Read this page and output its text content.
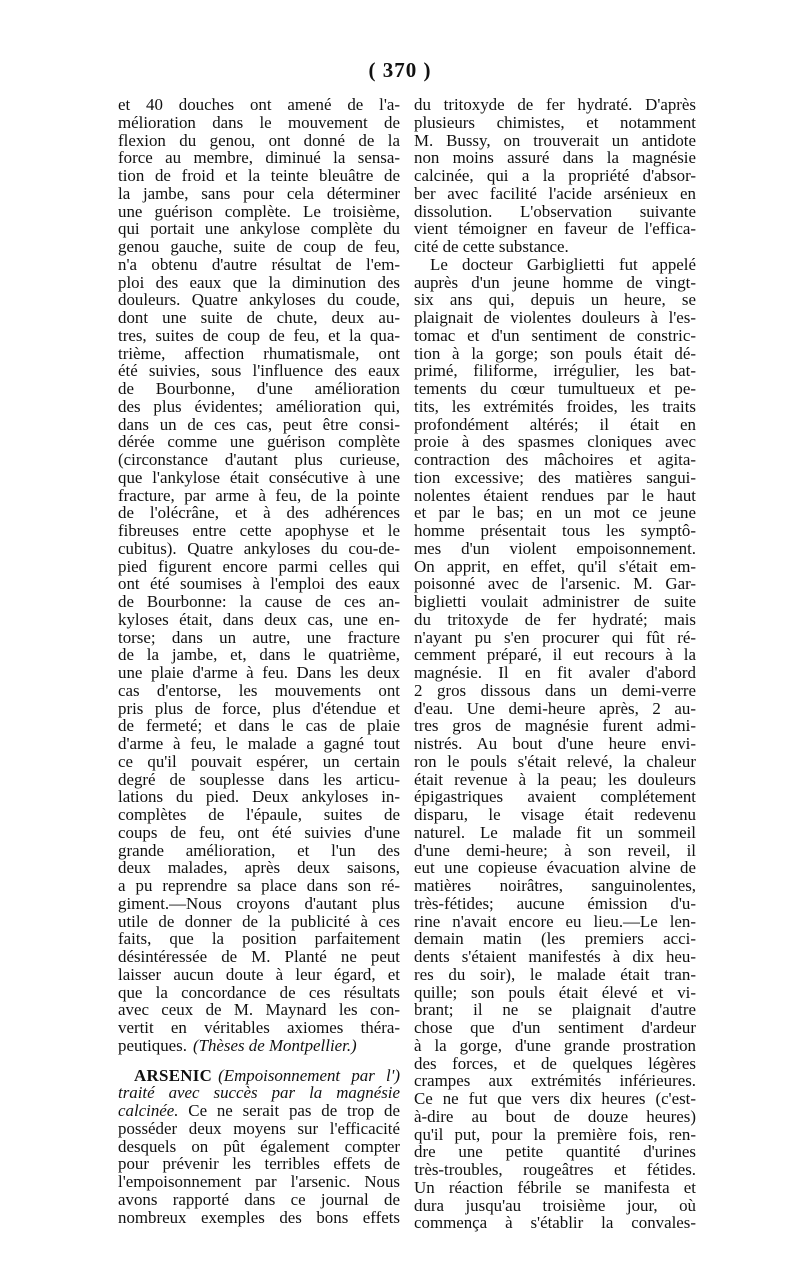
( 370 )
et 40 douches ont amené de l'a-
mélioration dans le mouvement de
flexion du genou, ont donné de la
force au membre, diminué la sensa-
tion de froid et la teinte bleuâtre de
la jambe, sans pour cela déterminer
une guérison complète. Le troisième,
qui portait une ankylose complète du
genou gauche, suite de coup de feu,
n'a obtenu d'autre résultat de l'em-
ploi des eaux que la diminution des
douleurs. Quatre ankyloses du coude,
dont une suite de chute, deux au-
tres, suites de coup de feu, et la qua-
trième, affection rhumatismale, ont
été suivies, sous l'influence des eaux
de Bourbonne, d'une amélioration
des plus évidentes; amélioration qui,
dans un de ces cas, peut être consi-
dérée comme une guérison complète
(circonstance d'autant plus curieuse,
que l'ankylose était consécutive à une
fracture, par arme à feu, de la pointe
de l'olécrâne, et à des adhérences
fibreuses entre cette apophyse et le
cubitus). Quatre ankyloses du cou-de-
pied figurent encore parmi celles qui
ont été soumises à l'emploi des eaux
de Bourbonne: la cause de ces an-
kyloses était, dans deux cas, une en-
torse; dans un autre, une fracture
de la jambe, et, dans le quatrième,
une plaie d'arme à feu. Dans les deux
cas d'entorse, les mouvements ont
pris plus de force, plus d'étendue et
de fermeté; et dans le cas de plaie
d'arme à feu, le malade a gagné tout
ce qu'il pouvait espérer, un certain
degré de souplesse dans les articu-
lations du pied. Deux ankyloses in-
complètes de l'épaule, suites de
coups de feu, ont été suivies d'une
grande amélioration, et l'un des
deux malades, après deux saisons,
a pu reprendre sa place dans son ré-
giment.—Nous croyons d'autant plus
utile de donner de la publicité à ces
faits, que la position parfaitement
désintéressée de M. Planté ne peut
laisser aucun doute à leur égard, et
que la concordance de ces résultats
avec ceux de M. Maynard les con-
vertit en véritables axiomes théra-
peutiques. (Thèses de Montpellier.)
ARSENIC (Empoisonnement par l')
traité avec succès par la magnésie
calcinée. Ce ne serait pas de trop de
posséder deux moyens sur l'efficacité
desquels on pût également compter
pour prévenir les terribles effets de
l'empoisonnement par l'arsenic. Nous
avons rapporté dans ce journal de
nombreux exemples des bons effets
du tritoxyde de fer hydraté. D'après
plusieurs chimistes, et notamment
M. Bussy, on trouverait un antidote
non moins assuré dans la magnésie
calcinée, qui a la propriété d'absor-
ber avec facilité l'acide arsénieux en
dissolution. L'observation suivante
vient témoigner en faveur de l'effica-
cité de cette substance.
Le docteur Garbiglietti fut appelé
auprès d'un jeune homme de vingt-
six ans qui, depuis un heure, se
plaignait de violentes douleurs à l'es-
tomac et d'un sentiment de constric-
tion à la gorge; son pouls était dé-
primé, filiforme, irrégulier, les bat-
tements du cœur tumultueux et pe-
tits, les extrémités froides, les traits
profondément altérés; il était en
proie à des spasmes cloniques avec
contraction des mâchoires et agita-
tion excessive; des matières sangui-
nolentes étaient rendues par le haut
et par le bas; en un mot ce jeune
homme présentait tous les symptô-
mes d'un violent empoisonnement.
On apprit, en effet, qu'il s'était em-
poisonné avec de l'arsenic. M. Gar-
biglietti voulait administrer de suite
du tritoxyde de fer hydraté; mais
n'ayant pu s'en procurer qui fût ré-
cemment préparé, il eut recours à la
magnésie. Il en fit avaler d'abord
2 gros dissous dans un demi-verre
d'eau. Une demi-heure après, 2 au-
tres gros de magnésie furent admi-
nistrés. Au bout d'une heure envi-
ron le pouls s'était relevé, la chaleur
était revenue à la peau; les douleurs
épigastriques avaient complétement
disparu, le visage était redevenu
naturel. Le malade fit un sommeil
d'une demi-heure; à son reveil, il
eut une copieuse évacuation alvine de
matières noirâtres, sanguinolentes,
très-fétides; aucune émission d'u-
rine n'avait encore eu lieu.—Le len-
demain matin (les premiers acci-
dents s'étaient manifestés à dix heu-
res du soir), le malade était tran-
quille; son pouls était élevé et vi-
brant; il ne se plaignait d'autre
chose que d'un sentiment d'ardeur
à la gorge, d'une grande prostration
des forces, et de quelques légères
crampes aux extrémités inférieures.
Ce ne fut que vers dix heures (c'est-
à-dire au bout de douze heures)
qu'il put, pour la première fois, ren-
dre une petite quantité d'urines
très-troubles, rougeâtres et fétides.
Un réaction fébrile se manifesta et
dura jusqu'au troisième jour, où
commença à s'établir la convales-
